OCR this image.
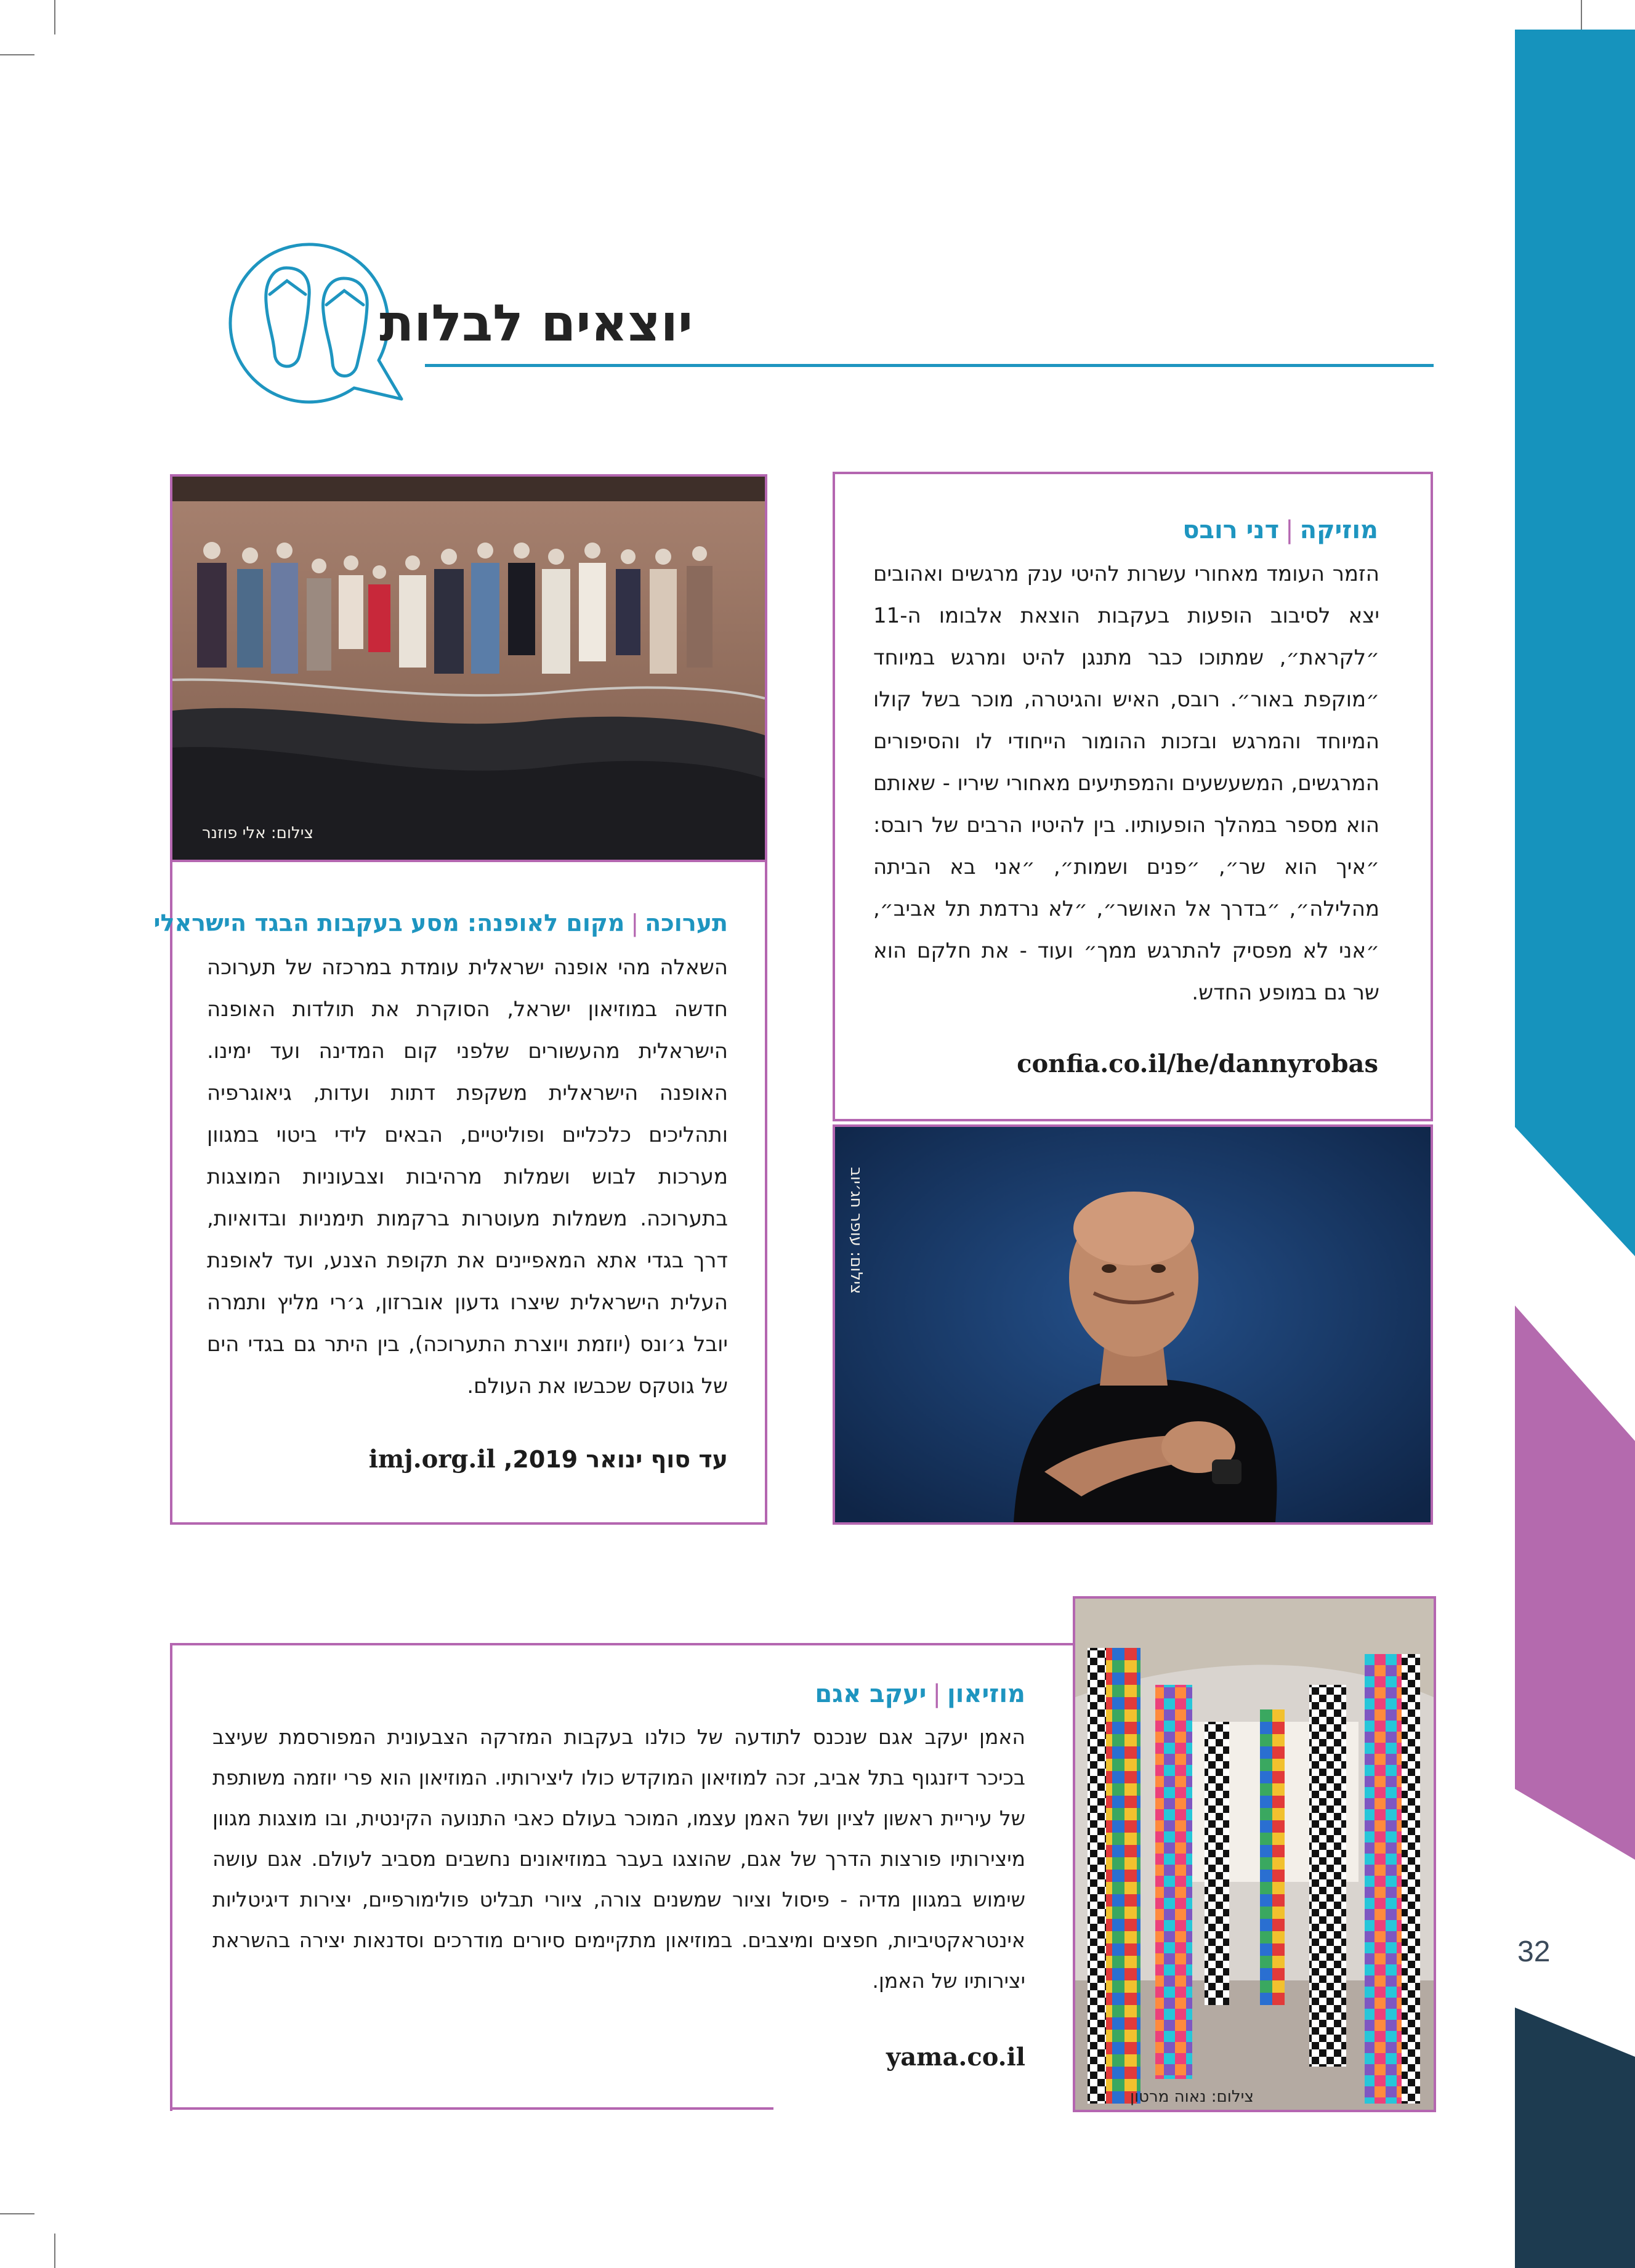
יוצאים לבלות
מוזיקה|דני רובס
הזמר העומד מאחורי עשרות להיטי ענק מרגשים ואהובים יצא לסיבוב הופעות בעקבות הוצאת אלבומו ה-11 ״לקראת״, שמתוכו כבר מתנגן להיט ומרגש במיוחד ״מוקפת באור״. רובס, האיש והגיטרה, מוכר בשל קולו המיוחד והמרגש ובזכות ההומור הייחודי לו והסיפורים המרגשים, המשעשעים והמפתיעים מאחורי שיריו - שאותם הוא מספר במהלך הופעותיו. בין להיטיו הרבים של רובס: ״איך הוא שר״, ״פנים ושמות״, ״אני בא הביתה מהלילה״, ״בדרך אל האושר״, ״לא נרדמת תל אביב״, ״אני לא מפסיק להתרגש ממך״ ועוד - את חלקם הוא שר גם במופע החדש.
confia.co.il/he/dannyrobas
צילום: עופר חג׳יוב
צילום: אלי פוזנר
תערוכה|מקום לאופנה: מסע בעקבות הבגד הישראלי
השאלה מהי אופנה ישראלית עומדת במרכזה של תערוכה חדשה במוזיאון ישראל, הסוקרת את תולדות האופנה הישראלית מהעשורים שלפני קום המדינה ועד ימינו. האופנה הישראלית משקפת דתות ועדות, גיאוגרפיה ותהליכים כלכליים ופוליטיים, הבאים לידי ביטוי במגוון מערכות לבוש ושמלות מרהיבות וצבעוניות המוצגות בתערוכה. משמלות מעוטרות ברקמות תימניות ובדואיות, דרך בגדי אתא המאפיינים את תקופת הצנע, ועד לאופנת העלית הישראלית שיצרו גדעון אוברזון, ג׳רי מליץ ותמרה יובל ג׳ונס (יוזמת ויוצרת התערוכה), בין היתר גם בגדי הים של גוטקס שכבשו את העולם.
עד סוף ינואר 2019, imj.org.il
מוזיאון|יעקב אגם
האמן יעקב אגם שנכנס לתודעה של כולנו בעקבות המזרקה הצבעונית המפורסמת שעיצב בכיכר דיזנגוף בתל אביב, זכה למוזיאון המוקדש כולו ליצירותיו. המוזיאון הוא פרי יוזמה משותפת של עיריית ראשון לציון ושל האמן עצמו, המוכר בעולם כאבי התנועה הקינטית, ובו מוצגות מגוון מיצירותיו פורצות הדרך של אגם, שהוצגו בעבר במוזיאונים נחשבים מסביב לעולם. אגם עושה שימוש במגוון מדיה - פיסול וציור שמשנים צורה, ציורי תבליט פולימורפיים, יצירות דיגיטליות אינטראקטיביות, חפצים ומיצבים. במוזיאון מתקיימים סיורים מודרכים וסדנאות יצירה בהשראת יצירותיו של האמן.
yama.co.il
צילום: נאוה מרטון
32
